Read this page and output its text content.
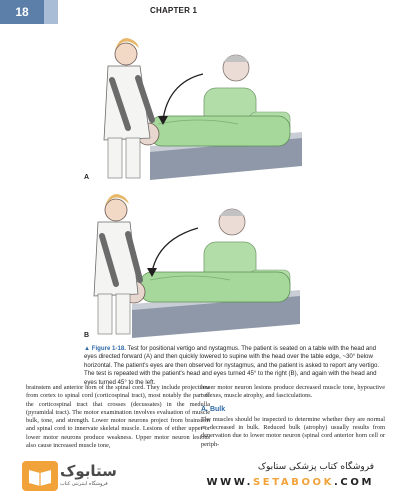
18	CHAPTER 1
A
B
▲ Figure 1-18. Test for positional vertigo and nystagmus. The patient is seated on a table with the head and eyes directed forward (A) and then quickly lowered to supine with the head over the table edge, ~30° below horizontal. The patient's eyes are then observed for nystagmus, and the patient is asked to report any vertigo. The test is repeated with the patient's head and eyes turned 45° to the right (B), and again with the head and eyes turned 45° to the left.

brainstem and anterior horn of the spinal cord. They include projections from cortex to spinal cord (corticospinal tract), most notably the part of the corticospinal tract that crosses (decussates) in the medulla (pyramidal tract). The motor examination involves evaluation of muscle bulk, tone, and strength. Lower motor neurons project from brainstem and spinal cord to innervate skeletal muscle. Lesions of either upper or lower motor neurons produce weakness. Upper motor neuron lesions also cause increased muscle tone,

lower motor neuron lesions produce decreased muscle tone, hypoactive reflexes, muscle atrophy, and fasciculations.

A. Bulk

The muscles should be inspected to determine whether they are normal or decreased in bulk. Reduced bulk (atrophy) usually results from denervation due to lower motor neuron (spinal cord anterior horn cell or periph-

ستابوک
فروشگاه اینترنتی کتاب
فروشگاه کتاب پزشکی ستابوک
WWW.SETABOOK.COM
